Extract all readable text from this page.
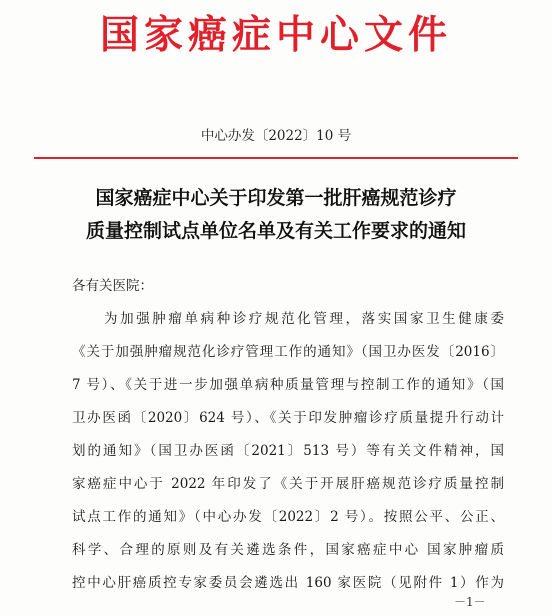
国家癌症中心文件
中心办发〔2022〕10 号
国家癌症中心关于印发第一批肝癌规范诊疗
质量控制试点单位名单及有关工作要求的通知
各有关医院：
为加强肿瘤单病种诊疗规范化管理，落实国家卫生健康委
《关于加强肿瘤规范化诊疗管理工作的通知》（国卫办医发〔2016〕
7 号）、《关于进一步加强单病种质量管理与控制工作的通知》（国
卫办医函〔2020〕624 号）、《关于印发肿瘤诊疗质量提升行动计
划的通知》（国卫办医函〔2021〕513 号）等有关文件精神，国
家癌症中心于 2022 年印发了《关于开展肝癌规范诊疗质量控制
试点工作的通知》（中心办发〔2022〕2 号）。按照公平、公正、
科学、合理的原则及有关遴选条件，国家癌症中心 国家肿瘤质
控中心肝癌质控专家委员会遴选出 160 家医院（见附件 1）作为
－1－
